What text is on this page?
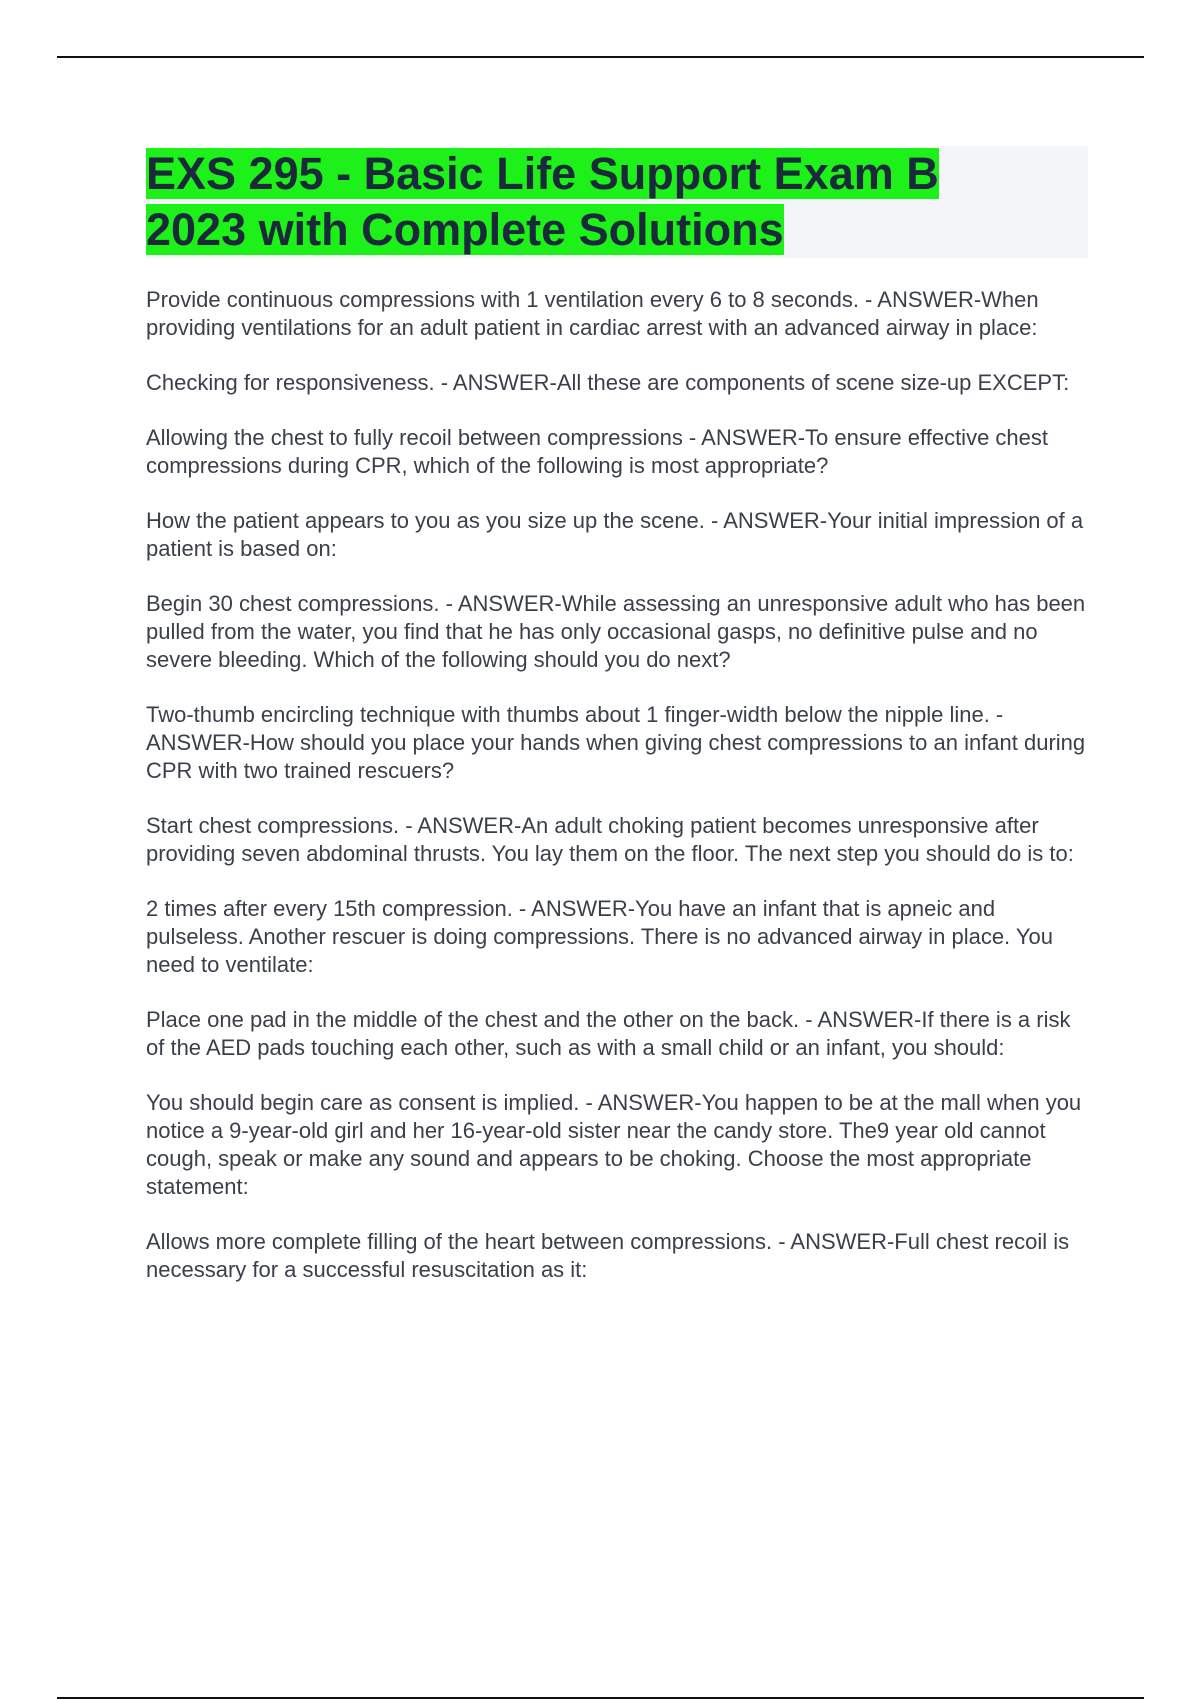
EXS 295 - Basic Life Support Exam B
2023 with Complete Solutions

Provide continuous compressions with 1 ventilation every 6 to 8 seconds. - ANSWER-When providing ventilations for an adult patient in cardiac arrest with an advanced airway in place:

Checking for responsiveness. - ANSWER-All these are components of scene size-up EXCEPT:

Allowing the chest to fully recoil between compressions - ANSWER-To ensure effective chest compressions during CPR, which of the following is most appropriate?

How the patient appears to you as you size up the scene. - ANSWER-Your initial impression of a patient is based on:

Begin 30 chest compressions. - ANSWER-While assessing an unresponsive adult who has been pulled from the water, you find that he has only occasional gasps, no definitive pulse and no severe bleeding. Which of the following should you do next?

Two-thumb encircling technique with thumbs about 1 finger-width below the nipple line. - ANSWER-How should you place your hands when giving chest compressions to an infant during CPR with two trained rescuers?

Start chest compressions. - ANSWER-An adult choking patient becomes unresponsive after providing seven abdominal thrusts. You lay them on the floor. The next step you should do is to:

2 times after every 15th compression. - ANSWER-You have an infant that is apneic and pulseless. Another rescuer is doing compressions. There is no advanced airway in place. You need to ventilate:

Place one pad in the middle of the chest and the other on the back. - ANSWER-If there is a risk of the AED pads touching each other, such as with a small child or an infant, you should:

You should begin care as consent is implied. - ANSWER-You happen to be at the mall when you notice a 9-year-old girl and her 16-year-old sister near the candy store. The9 year old cannot cough, speak or make any sound and appears to be choking. Choose the most appropriate statement:

Allows more complete filling of the heart between compressions. - ANSWER-Full chest recoil is necessary for a successful resuscitation as it:
